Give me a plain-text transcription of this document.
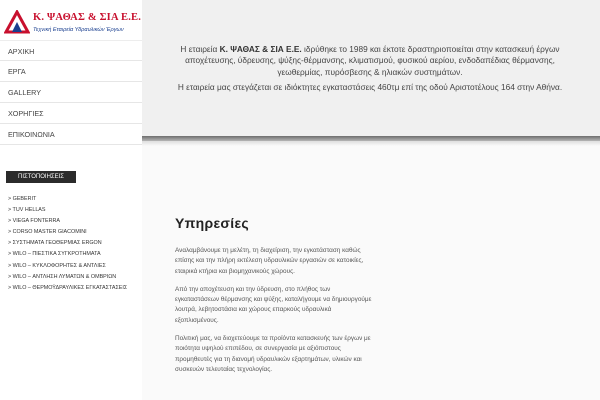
Κ. ΨΑΘΑΣ & ΣΙΑ Ε.Ε.
Τεχνική Εταιρεία Υδραυλικών Έργων
ΑΡΧΙΚΗ
ΕΡΓΑ
GALLERY
ΧΟΡΗΓΙΕΣ
ΕΠΙΚΟΙΝΩΝΙΑ
ΠΙΣΤΟΠΟΙΗΣΕΙΣ
> GEBERIT
> TUV HELLAS
> VIEGA FONTERRA
> CORSO MASTER GIACOMINI
> ΣΥΣΤΗΜΑΤΑ ΓΕΩΘΕΡΜΙΑΣ ERGON
> WILO – ΠΙΕΣΤΙΚΑ ΣΥΓΚΡΟΤΗΜΑΤΑ
> WILO – ΚΥΚΛΟΦΟΡΗΤΕΣ & ΑΝΤΛΙΕΣ
> WILO – ΑΝΤΛΗΣΗ ΛΥΜΑΤΩΝ & ΟΜΒΡΙΩΝ
> WILO – ΘΕΡΜΟΫΔΡΑΥΛΙΚΕΣ ΕΓΚΑΤΑΣΤΑΣΕΙΣ

Η εταιρεία Κ. ΨΑΘΑΣ & ΣΙΑ Ε.Ε. ιδρύθηκε το 1989 και έκτοτε δραστηριοποιείται στην κατασκευή έργων αποχέτευσης, ύδρευσης, ψύξης-θέρμανσης, κλιματισμού, φυσικού αερίου, ενδοδαπέδιας θέρμανσης, γεωθερμίας, πυρόσβεσης & ηλιακών συστημάτων.

Η εταιρεία μας στεγάζεται σε ιδιόκτητες εγκαταστάσεις 460τμ επί της οδού Αριστοτέλους 164 στην Αθήνα.

Υπηρεσίες

Αναλαμβάνουμε τη μελέτη, τη διαχείριση, την εγκατάσταση καθώς επίσης και την πλήρη εκτέλεση υδραυλικών εργασιών σε κατοικίες, εταιρικά κτήρια και βιομηχανικούς χώρους.

Από την αποχέτευση και την ύδρευση, στο πλήθος των εγκαταστάσεων θέρμανσης και ψύξης, καταλήγουμε να δημιουργούμε λουτρά, λεβητοστάσια και χώρους επαρκούς υδραυλικά εξοπλισμένους.

Πολιτική μας, να διοχετεύουμε τα προϊόντα κατασκευής των έργων με ποιότητα υψηλού επιπέδου, σε συνεργασία με αξιόπιστους προμηθευτές για τη διανομή υδραυλικών εξαρτημάτων, υλικών και συσκευών τελευταίας τεχνολογίας.
